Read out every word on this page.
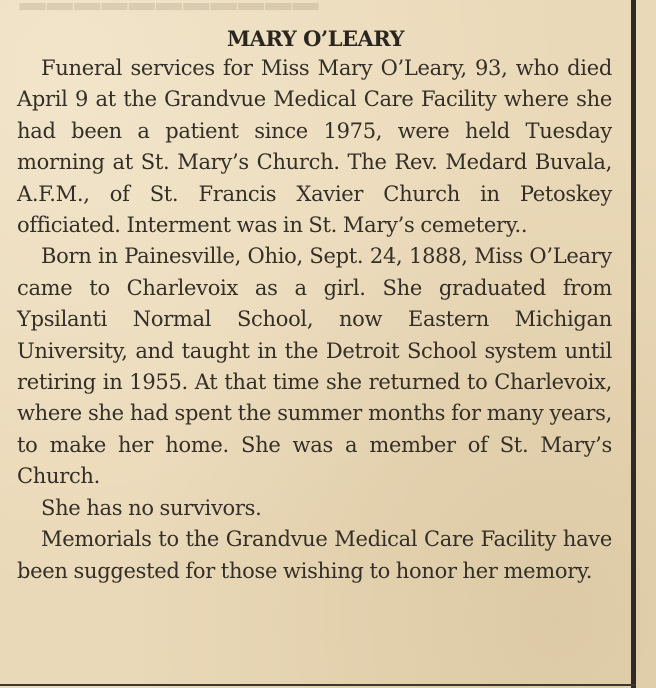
━━━━━━━━━━━
MARY O’LEARY

Funeral services for Miss Mary O’Leary, 93, who died April 9 at the Grandvue Medical Care Facility where she had been a patient since 1975, were held Tuesday morning at St. Mary’s Church. The Rev. Medard Buvala, A.F.M., of St. Francis Xavier Church in Petoskey officiated. Interment was in St. Mary’s cemetery..

Born in Painesville, Ohio, Sept. 24, 1888, Miss O’Leary came to Charlevoix as a girl. She graduated from Ypsilanti Normal School, now Eastern Michigan University, and taught in the Detroit School system until retiring in 1955. At that time she returned to Charlevoix, where she had spent the summer months for many years, to make her home. She was a member of St. Mary’s Church.

She has no survivors.

Memorials to the Grandvue Medical Care Facility have been suggested for those wishing to honor her memory.
